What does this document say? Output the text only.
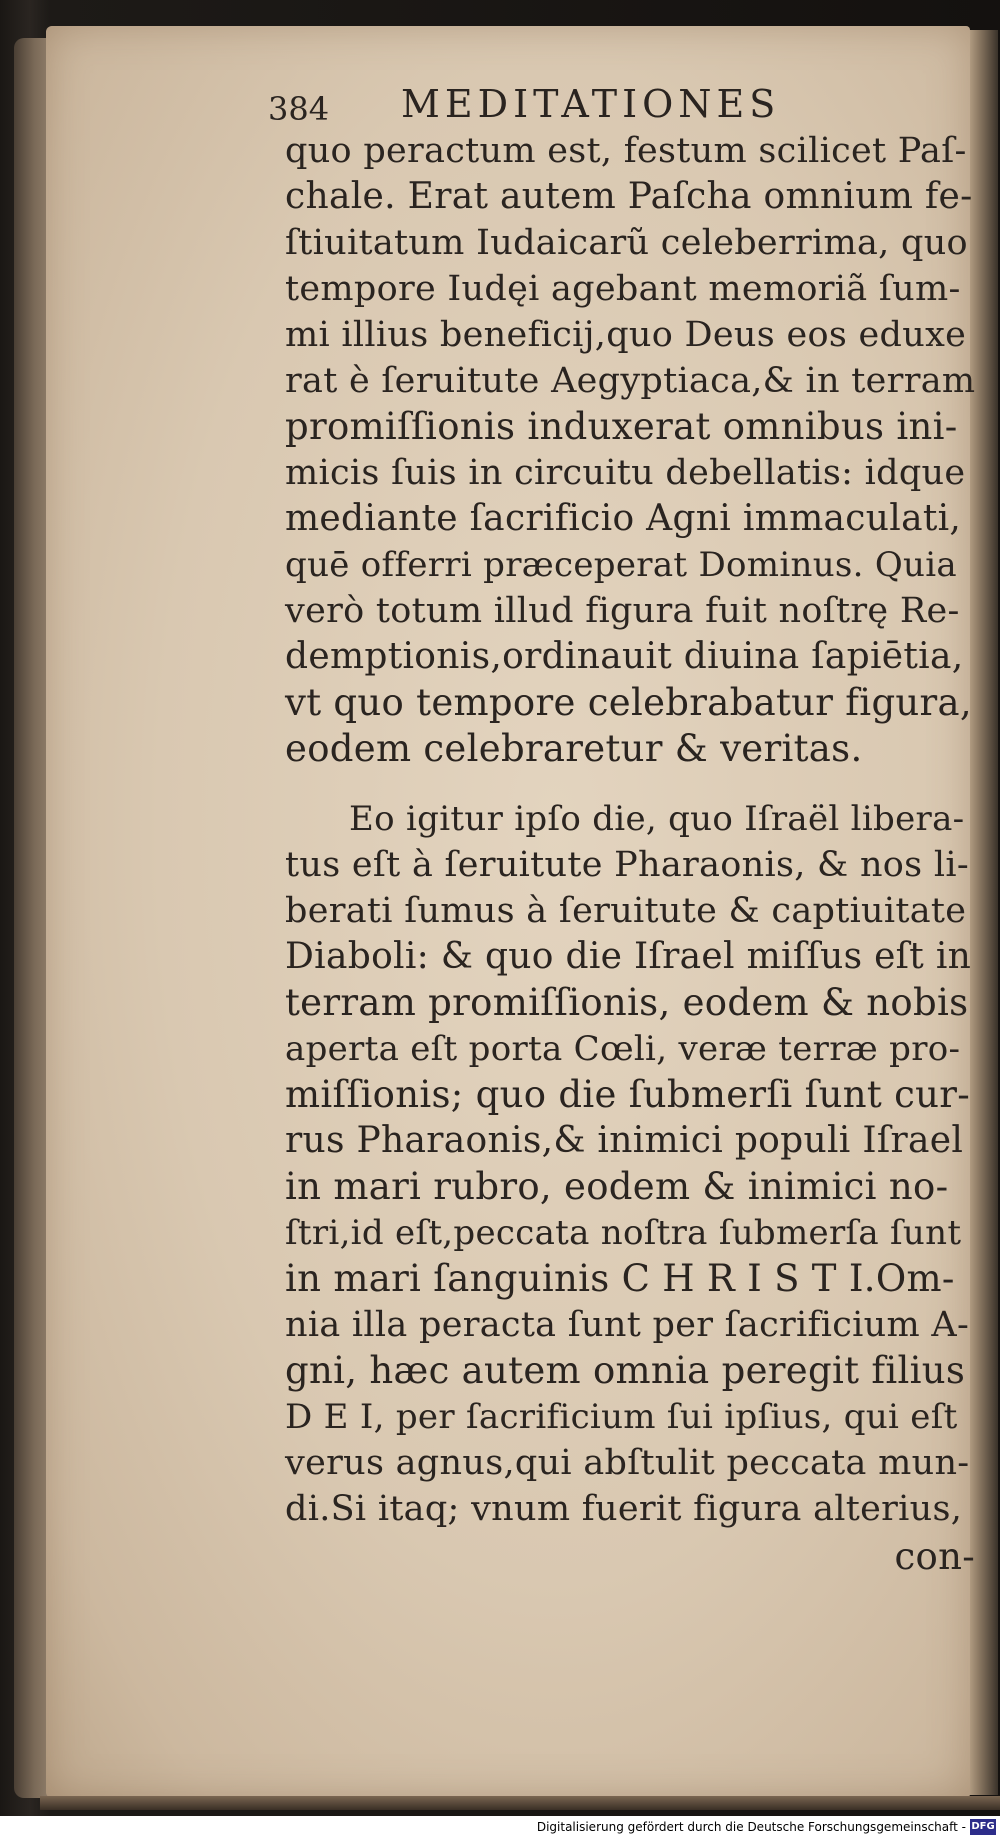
384 MEDITATIONES
quo peractum est, festum scilicet Paſ-
chale. Erat autem Paſcha omnium fe-
ſtiuitatum Iudaicarũ celeberrima, quo
tempore Iudęi agebant memoriã ſum-
mi illius beneficij,quo Deus eos eduxe
rat è ſeruitute Aegyptiaca,& in terram
promiſſionis induxerat omnibus ini-
micis ſuis in circuitu debellatis: idque
mediante ſacrificio Agni immaculati,
quē offerri præceperat Dominus. Quia
verò totum illud figura fuit noſtrę Re-
demptionis,ordinauit diuina ſapiētia,
vt quo tempore celebrabatur figura,
eodem celebraretur & veritas.
Eo igitur ipſo die, quo Iſraël libera-
tus eſt à ſeruitute Pharaonis, & nos li-
berati ſumus à ſeruitute & captiuitate
Diaboli: & quo die Iſrael miſſus eſt in
terram promiſſionis, eodem & nobis
aperta eſt porta Cœli, veræ terræ pro-
miſſionis; quo die ſubmerſi ſunt cur-
rus Pharaonis,& inimici populi Iſrael
in mari rubro, eodem & inimici no-
ſtri,id eſt,peccata noſtra ſubmerſa ſunt
in mari ſanguinis C H R I S T I.Om-
nia illa peracta ſunt per ſacrificium A-
gni, hæc autem omnia peregit filius
D E I, per ſacrificium ſui ipſius, qui eſt
verus agnus,qui abſtulit peccata mun-
di.Si itaq; vnum fuerit figura alterius,
con-
Digitalisierung gefördert durch die Deutsche Forschungsgemeinschaft - DFG
